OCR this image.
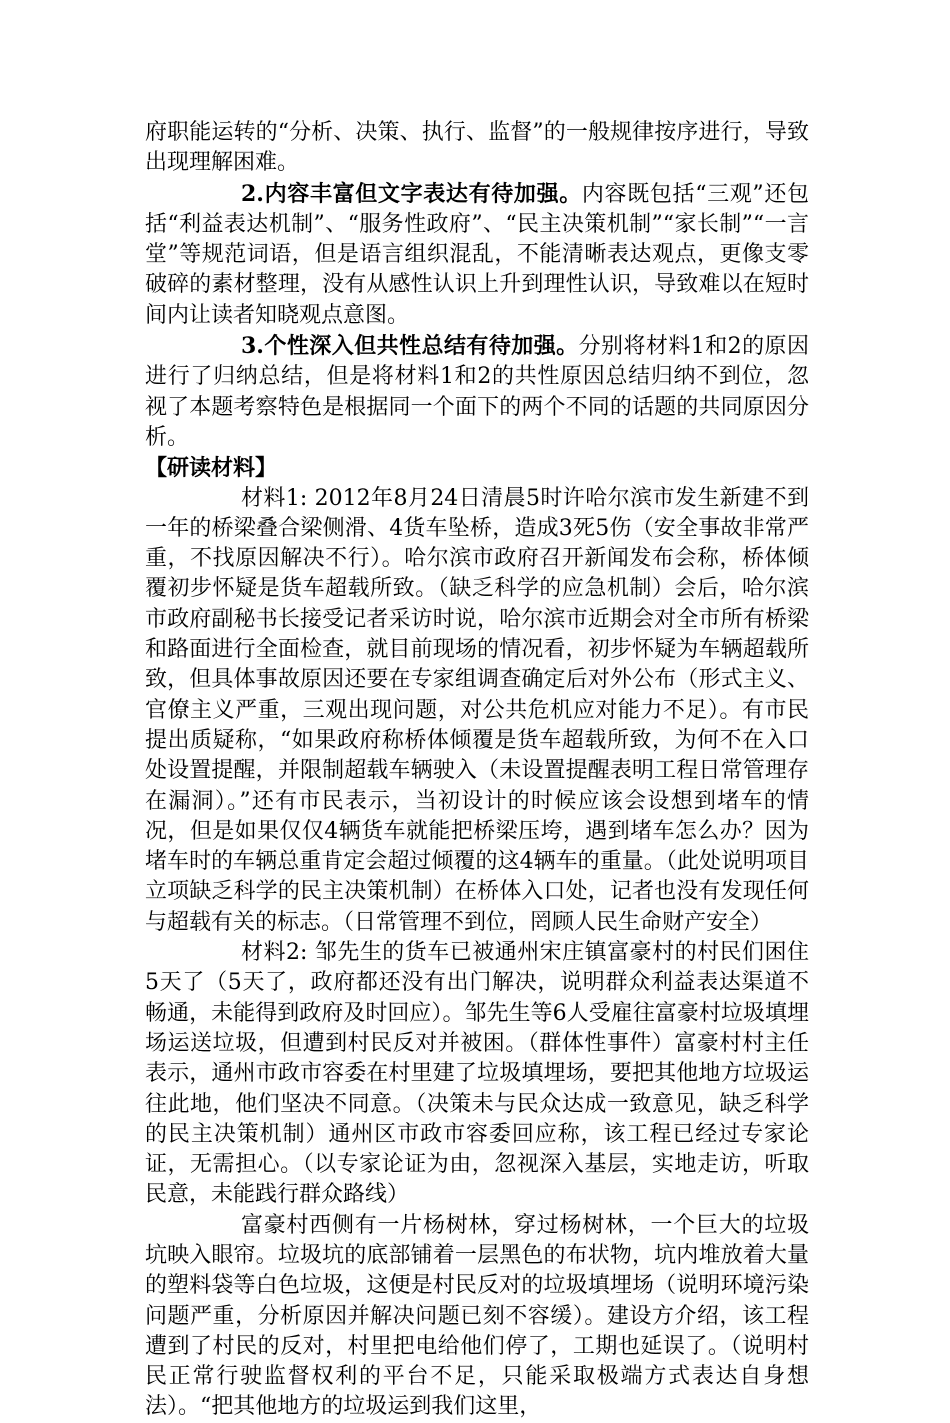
府职能运转的“分析、决策、执行、监督”的一般规律按序进行，导致出现理解困难。

2.内容丰富但文字表达有待加强。内容既包括“三观”还包括“利益表达机制”、“服务性政府”、“民主决策机制”“家长制”“一言堂”等规范词语，但是语言组织混乱，不能清晰表达观点，更像支零破碎的素材整理，没有从感性认识上升到理性认识，导致难以在短时间内让读者知晓观点意图。

3.个性深入但共性总结有待加强。分别将材料1和2的原因进行了归纳总结，但是将材料1和2的共性原因总结归纳不到位，忽视了本题考察特色是根据同一个面下的两个不同的话题的共同原因分析。

【研读材料】

材料1: 2012年8月24日清晨5时许哈尔滨市发生新建不到一年的桥梁叠合梁侧滑、4货车坠桥，造成3死5伤（安全事故非常严重，不找原因解决不行）。哈尔滨市政府召开新闻发布会称，桥体倾覆初步怀疑是货车超载所致。（缺乏科学的应急机制）会后，哈尔滨市政府副秘书长接受记者采访时说，哈尔滨市近期会对全市所有桥梁和路面进行全面检查，就目前现场的情况看，初步怀疑为车辆超载所致，但具体事故原因还要在专家组调查确定后对外公布（形式主义、官僚主义严重，三观出现问题，对公共危机应对能力不足）。有市民提出质疑称，“如果政府称桥体倾覆是货车超载所致，为何不在入口处设置提醒，并限制超载车辆驶入（未设置提醒表明工程日常管理存在漏洞）。”还有市民表示，当初设计的时候应该会设想到堵车的情况，但是如果仅仅4辆货车就能把桥梁压垮，遇到堵车怎么办？因为堵车时的车辆总重肯定会超过倾覆的这4辆车的重量。（此处说明项目立项缺乏科学的民主决策机制）在桥体入口处，记者也没有发现任何与超载有关的标志。（日常管理不到位，罔顾人民生命财产安全）

材料2: 邹先生的货车已被通州宋庄镇富豪村的村民们困住5天了（5天了，政府都还没有出门解决，说明群众利益表达渠道不畅通，未能得到政府及时回应）。邹先生等6人受雇往富豪村垃圾填埋场运送垃圾，但遭到村民反对并被困。（群体性事件）富豪村村主任表示，通州市政市容委在村里建了垃圾填埋场，要把其他地方垃圾运往此地，他们坚决不同意。（决策未与民众达成一致意见，缺乏科学的民主决策机制）通州区市政市容委回应称，该工程已经过专家论证，无需担心。（以专家论证为由，忽视深入基层，实地走访，听取民意，未能践行群众路线）

富豪村西侧有一片杨树林，穿过杨树林，一个巨大的垃圾坑映入眼帘。垃圾坑的底部铺着一层黑色的布状物，坑内堆放着大量的塑料袋等白色垃圾，这便是村民反对的垃圾填埋场（说明环境污染问题严重，分析原因并解决问题已刻不容缓）。建设方介绍，该工程遭到了村民的反对，村里把电给他们停了，工期也延误了。（说明村民正常行驶监督权利的平台不足，只能采取极端方式表达自身想法）。“把其他地方的垃圾运到我们这里，
